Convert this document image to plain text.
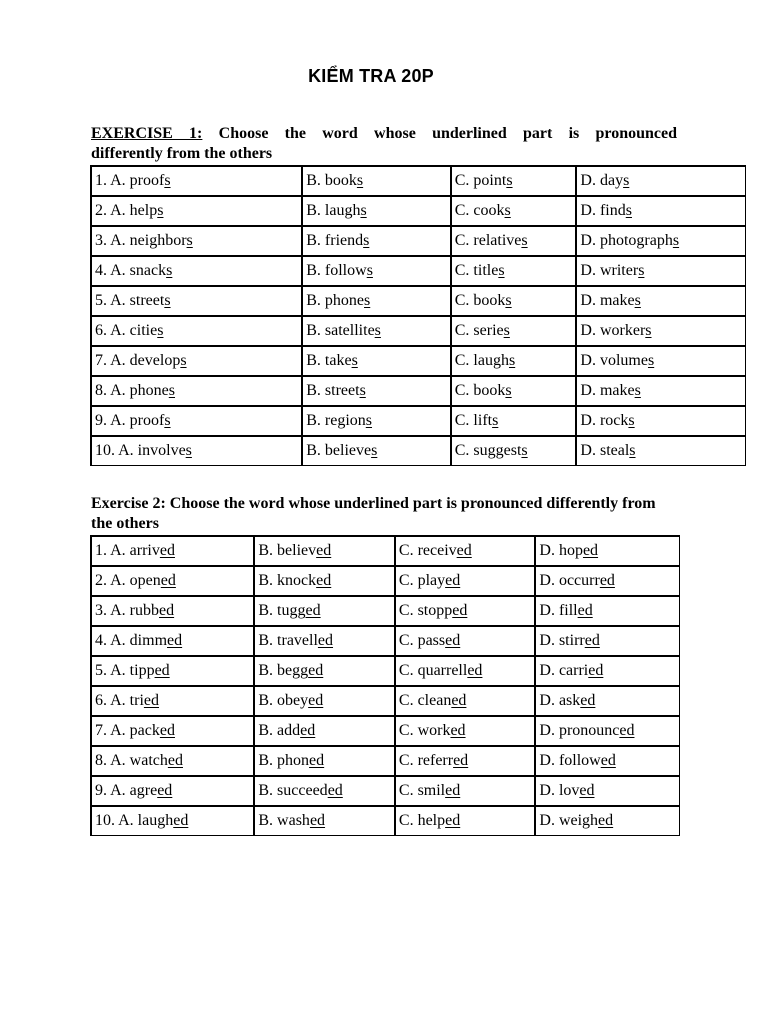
KIỂM TRA 20P
EXERCISE 1: Choose the word whose underlined part is pronounced
differently from the others
1. A. proofs	B. books	C. points	D. days
2. A. helps	B. laughs	C. cooks	D. finds
3. A. neighbors	B. friends	C. relatives	D. photographs
4. A. snacks	B. follows	C. titles	D. writers
5. A. streets	B. phones	C. books	D. makes
6. A. cities	B. satellites	C. series	D. workers
7. A. develops	B. takes	C. laughs	D. volumes
8. A. phones	B. streets	C. books	D. makes
9. A. proofs	B. regions	C. lifts	D. rocks
10. A. involves	B. believes	C. suggests	D. steals
Exercise 2: Choose the word whose underlined part is pronounced differently from the others
1. A. arrived	B. believed	C. received	D. hoped
2. A. opened	B. knocked	C. played	D. occurred
3. A. rubbed	B. tugged	C. stopped	D. filled
4. A. dimmed	B. travelled	C. passed	D. stirred
5. A. tipped	B. begged	C. quarrelled	D. carried
6. A. tried	B. obeyed	C. cleaned	D. asked
7. A. packed	B. added	C. worked	D. pronounced
8. A. watched	B. phoned	C. referred	D. followed
9. A. agreed	B. succeeded	C. smiled	D. loved
10. A. laughed	B. washed	C. helped	D. weighed
